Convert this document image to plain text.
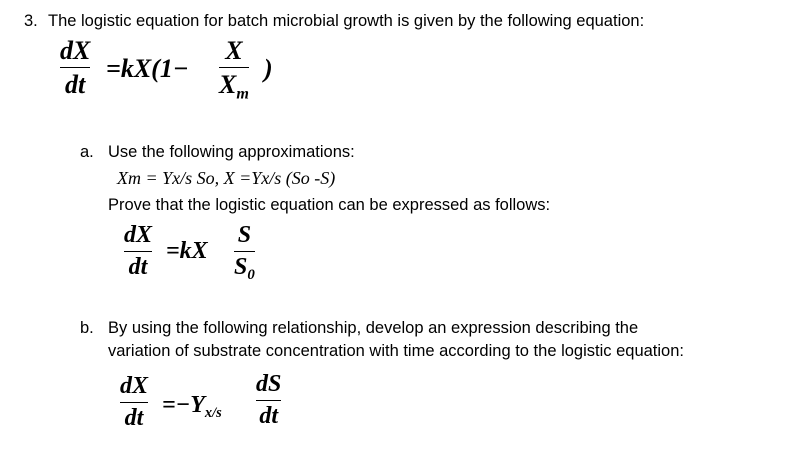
3. The logistic equation for batch microbial growth is given by the following equation:
dX
dt
=kX(1−
X
$X_m$
)
a. Use the following approximations:
Xm = Yx/s So, X =Yx/s (So -S)
Prove that the logistic equation can be expressed as follows:
dX
dt
=kX
S
$S_0$
b. By using the following relationship, develop an expression describing the
variation of substrate concentration with time according to the logistic equation:
dX
dt $=-Y_{x/s}$
dS
dt
